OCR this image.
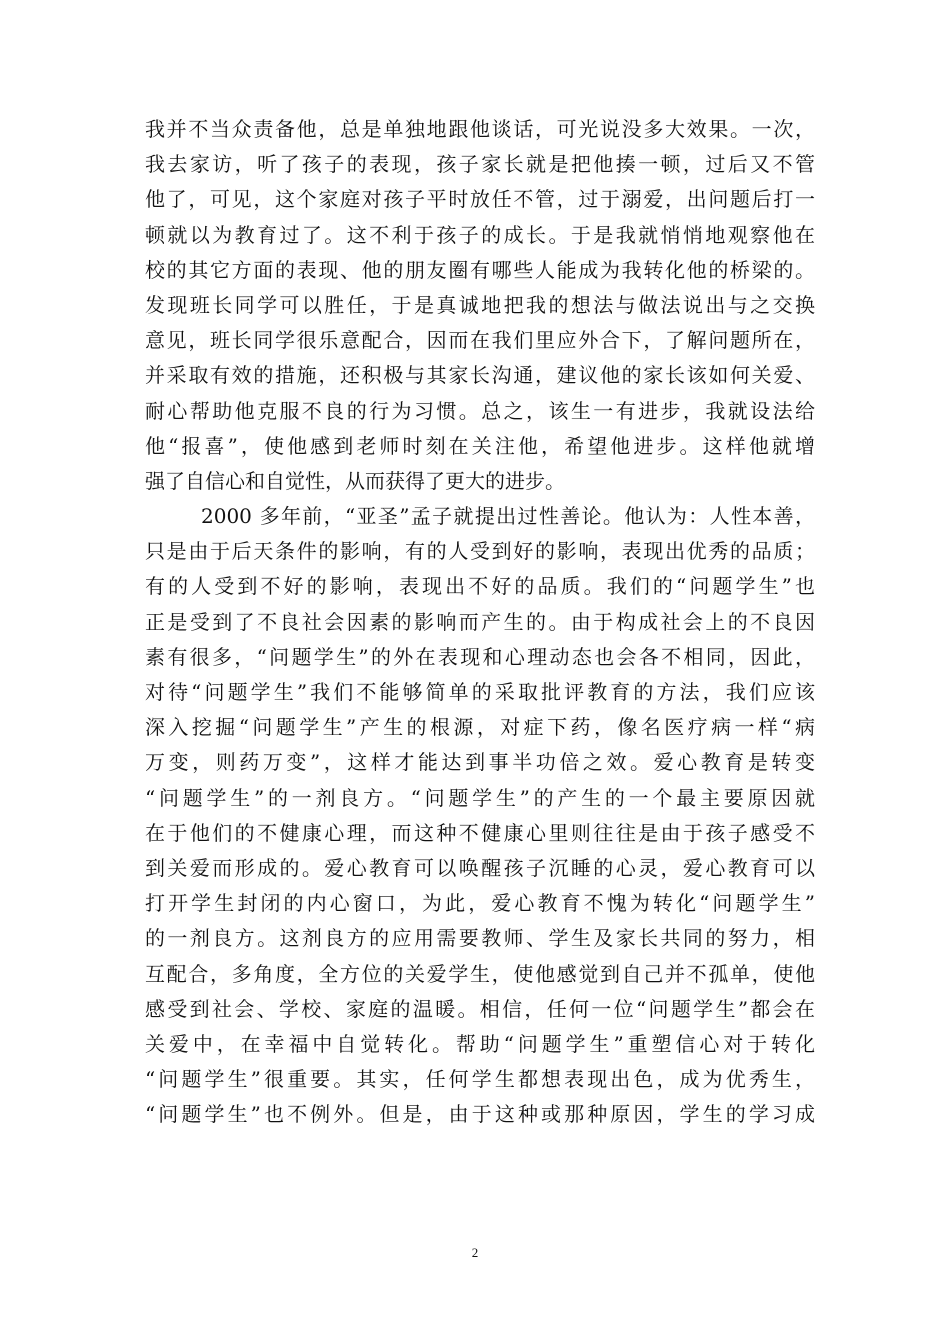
我并不当众责备他，总是单独地跟他谈话，可光说没多大效果。一次，
我去家访，听了孩子的表现，孩子家长就是把他揍一顿，过后又不管
他了，可见，这个家庭对孩子平时放任不管，过于溺爱，出问题后打一
顿就以为教育过了。这不利于孩子的成长。于是我就悄悄地观察他在
校的其它方面的表现、他的朋友圈有哪些人能成为我转化他的桥梁的。
发现班长同学可以胜任，于是真诚地把我的想法与做法说出与之交换
意见，班长同学很乐意配合，因而在我们里应外合下，了解问题所在，
并采取有效的措施，还积极与其家长沟通，建议他的家长该如何关爱、
耐心帮助他克服不良的行为习惯。总之，该生一有进步，我就设法给
他“报喜”，使他感到老师时刻在关注他，希望他进步。这样他就增
强了自信心和自觉性，从而获得了更大的进步。
2000 多年前，“亚圣”孟子就提出过性善论。他认为：人性本善，
只是由于后天条件的影响，有的人受到好的影响，表现出优秀的品质；
有的人受到不好的影响，表现出不好的品质。我们的“问题学生”也
正是受到了不良社会因素的影响而产生的。由于构成社会上的不良因
素有很多，“问题学生”的外在表现和心理动态也会各不相同，因此，
对待“问题学生”我们不能够简单的采取批评教育的方法，我们应该
深入挖掘“问题学生”产生的根源，对症下药，像名医疗病一样“病
万变，则药万变”，这样才能达到事半功倍之效。爱心教育是转变
“问题学生”的一剂良方。“问题学生”的产生的一个最主要原因就
在于他们的不健康心理，而这种不健康心里则往往是由于孩子感受不
到关爱而形成的。爱心教育可以唤醒孩子沉睡的心灵，爱心教育可以
打开学生封闭的内心窗口，为此，爱心教育不愧为转化“问题学生”
的一剂良方。这剂良方的应用需要教师、学生及家长共同的努力，相
互配合，多角度，全方位的关爱学生，使他感觉到自己并不孤单，使他
感受到社会、学校、家庭的温暖。相信，任何一位“问题学生”都会在
关爱中，在幸福中自觉转化。帮助“问题学生”重塑信心对于转化
“问题学生”很重要。其实，任何学生都想表现出色，成为优秀生，
“问题学生”也不例外。但是，由于这种或那种原因，学生的学习成
2
